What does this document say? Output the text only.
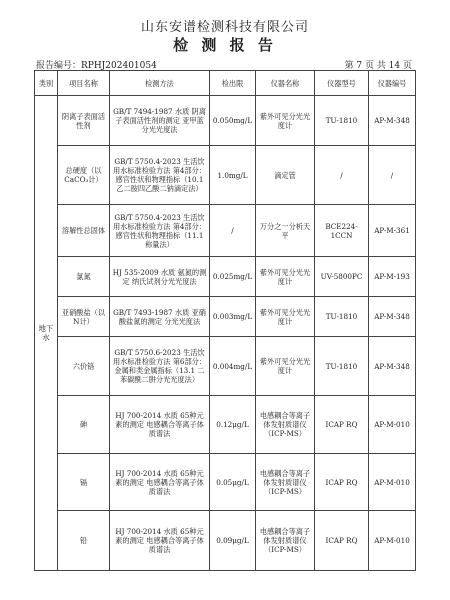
山东安谱检测科技有限公司
检 测 报 告
报告编号：RPHJ202401054	第 7 页 共 14 页
类别	项目名称	检测方法	检出限	仪器名称	仪器型号	仪器编号
地下水	阴离子表面活性剂	GB/T 7494-1987 水质 阴离子表面活性剂的测定 亚甲蓝分光光度法	0.050mg/L	紫外可见分光光度计	TU-1810	AP-M-348
	总硬度（以CaCO₃计）	GB/T 5750.4-2023 生活饮用水标准检验方法 第4部分：感官性状和物理指标（10.1 乙二胺四乙酸二钠滴定法）	1.0mg/L	滴定管	/	/
	溶解性总固体	GB/T 5750.4-2023 生活饮用水标准检验方法 第4部分：感官性状和物理指标（11.1 称量法）	/	万分之一分析天平	BCE224-1CCN	AP-M-361
	氯氮	HJ 535-2009 水质 氨氮的测定 纳氏试剂分光光度法	0.025mg/L	紫外可见分光光度计	UV-5800PC	AP-M-193
	亚硝酸盐（以N计）	GB/T 7493-1987 水质 亚硝酸盐氮的测定 分光光度法	0.003mg/L	紫外可见分光光度计	TU-1810	AP-M-348
	六价铬	GB/T 5750.6-2023 生活饮用水标准检验方法 第6部分：金属和类金属指标（13.1 二苯碳酰二肼分光光度法）	0.004mg/L	紫外可见分光光度计	TU-1810	AP-M-348
	砷	HJ 700-2014 水质 65种元素的测定 电感耦合等离子体质谱法	0.12μg/L	电感耦合等离子体发射质谱仪（ICP-MS）	ICAP RQ	AP-M-010
	镉	HJ 700-2014 水质 65种元素的测定 电感耦合等离子体质谱法	0.05μg/L	电感耦合等离子体发射质谱仪（ICP-MS）	ICAP RQ	AP-M-010
	铅	HJ 700-2014 水质 65种元素的测定 电感耦合等离子体质谱法	0.09μg/L	电感耦合等离子体发射质谱仪（ICP-MS）	ICAP RQ	AP-M-010
